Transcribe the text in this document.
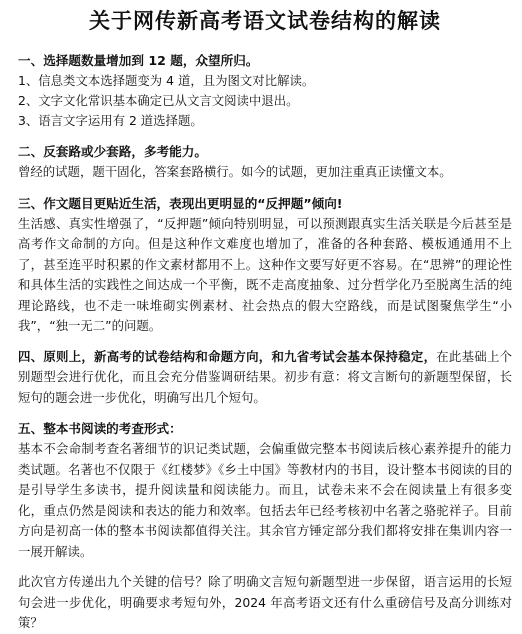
关于网传新高考语文试卷结构的解读

一、选择题数量增加到 12 题，众望所归。

1、信息类文本选择题变为 4 道，且为图文对比解读。

2、文字文化常识基本确定已从文言文阅读中退出。

3、语言文字运用有 2 道选择题。

二、反套路或少套路，多考能力。

曾经的试题，题干固化，答案套路横行。如今的试题，更加注重真正读懂文本。

三、作文题目更贴近生活，表现出更明显的“反押题”倾向!

生活感、真实性增强了，“反押题”倾向特别明显，可以预测跟真实生活关联是今后甚至是高考作文命制的方向。但是这种作文难度也增加了，准备的各种套路、模板通通用不上了，甚至连平时积累的作文素材都用不上。这种作文要写好更不容易。在“思辨”的理论性和具体生活的实践性之间达成一个平衡，既不走高度抽象、过分哲学化乃至脱离生活的纯理论路线，也不走一味堆砌实例素材、社会热点的假大空路线，而是试图聚焦学生“小我”，“独一无二”的问题。

四、原则上，新高考的试卷结构和命题方向，和九省考试会基本保持稳定，在此基础上个别题型会进行优化，而且会充分借鉴调研结果。初步有意：将文言断句的新题型保留，长短句的题会进一步优化，明确写出几个短句。

五、整本书阅读的考查形式：

基本不会命制考查名著细节的识记类试题，会偏重做完整本书阅读后核心素养提升的能力类试题。名著也不仅限于《红楼梦》《乡土中国》等教材内的书目，设计整本书阅读的目的是引导学生多读书，提升阅读量和阅读能力。而且，试卷未来不会在阅读量上有很多变化，重点仍然是阅读和表达的能力和效率。包括去年已经考核初中名著之骆驼祥子。目前方向是初高一体的整本书阅读都值得关注。其余官方锤定部分我们都将安排在集训内容一一展开解读。

此次官方传递出九个关键的信号？除了明确文言短句新题型进一步保留，语言运用的长短句会进一步优化，明确要求考短句外，2024 年高考语文还有什么重磅信号及高分训练对策？
